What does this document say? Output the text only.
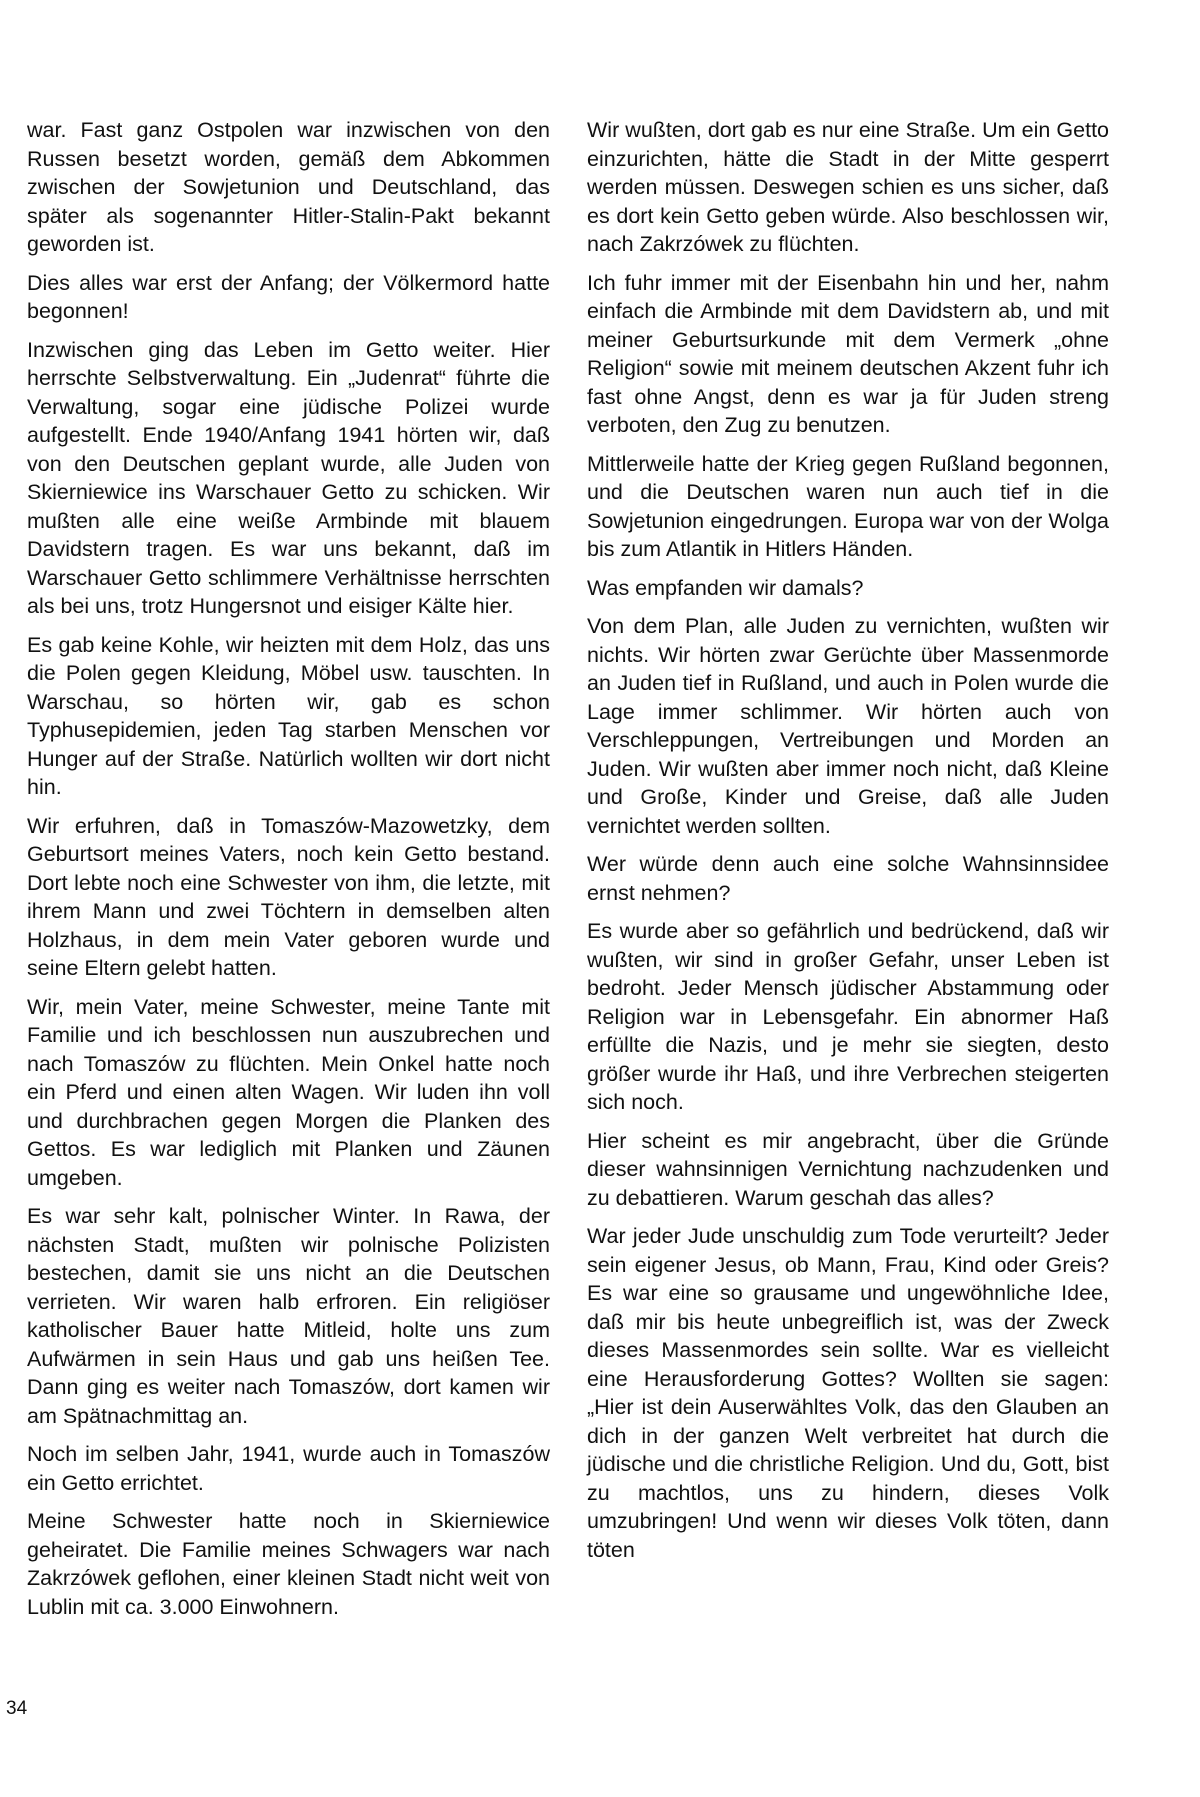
war. Fast ganz Ostpolen war inzwischen von den Russen besetzt worden, gemäß dem Abkommen zwischen der Sowjetunion und Deutschland, das später als sogenannter Hitler-Stalin-Pakt bekannt geworden ist.

Dies alles war erst der Anfang; der Völkermord hatte begonnen!

Inzwischen ging das Leben im Getto weiter. Hier herrschte Selbstverwaltung. Ein „Judenrat“ führte die Verwaltung, sogar eine jüdische Polizei wurde aufgestellt. Ende 1940/Anfang 1941 hörten wir, daß von den Deutschen geplant wurde, alle Juden von Skierniewice ins Warschauer Getto zu schicken. Wir mußten alle eine weiße Armbinde mit blauem Davidstern tragen. Es war uns bekannt, daß im Warschauer Getto schlimmere Verhältnisse herrschten als bei uns, trotz Hungersnot und eisiger Kälte hier.

Es gab keine Kohle, wir heizten mit dem Holz, das uns die Polen gegen Kleidung, Möbel usw. tauschten. In Warschau, so hörten wir, gab es schon Typhusepidemien, jeden Tag starben Menschen vor Hunger auf der Straße. Natürlich wollten wir dort nicht hin.

Wir erfuhren, daß in Tomaszów-Mazowetzky, dem Geburtsort meines Vaters, noch kein Getto bestand. Dort lebte noch eine Schwester von ihm, die letzte, mit ihrem Mann und zwei Töchtern in demselben alten Holzhaus, in dem mein Vater geboren wurde und seine Eltern gelebt hatten.

Wir, mein Vater, meine Schwester, meine Tante mit Familie und ich beschlossen nun auszubrechen und nach Tomaszów zu flüchten. Mein Onkel hatte noch ein Pferd und einen alten Wagen. Wir luden ihn voll und durchbrachen gegen Morgen die Planken des Gettos. Es war lediglich mit Planken und Zäunen umgeben.

Es war sehr kalt, polnischer Winter. In Rawa, der nächsten Stadt, mußten wir polnische Polizisten bestechen, damit sie uns nicht an die Deutschen verrieten. Wir waren halb erfroren. Ein religiöser katholischer Bauer hatte Mitleid, holte uns zum Aufwärmen in sein Haus und gab uns heißen Tee. Dann ging es weiter nach Tomaszów, dort kamen wir am Spätnachmittag an.

Noch im selben Jahr, 1941, wurde auch in Tomaszów ein Getto errichtet.

Meine Schwester hatte noch in Skierniewice geheiratet. Die Familie meines Schwagers war nach Zakrzówek geflohen, einer kleinen Stadt nicht weit von Lublin mit ca. 3.000 Einwohnern.

Wir wußten, dort gab es nur eine Straße. Um ein Getto einzurichten, hätte die Stadt in der Mitte gesperrt werden müssen. Deswegen schien es uns sicher, daß es dort kein Getto geben würde. Also beschlossen wir, nach Zakrzówek zu flüchten.

Ich fuhr immer mit der Eisenbahn hin und her, nahm einfach die Armbinde mit dem Davidstern ab, und mit meiner Geburtsurkunde mit dem Vermerk „ohne Religion“ sowie mit meinem deutschen Akzent fuhr ich fast ohne Angst, denn es war ja für Juden streng verboten, den Zug zu benutzen.

Mittlerweile hatte der Krieg gegen Rußland begonnen, und die Deutschen waren nun auch tief in die Sowjetunion eingedrungen. Europa war von der Wolga bis zum Atlantik in Hitlers Händen.

Was empfanden wir damals?

Von dem Plan, alle Juden zu vernichten, wußten wir nichts. Wir hörten zwar Gerüchte über Massenmorde an Juden tief in Rußland, und auch in Polen wurde die Lage immer schlimmer. Wir hörten auch von Verschleppungen, Vertreibungen und Morden an Juden. Wir wußten aber immer noch nicht, daß Kleine und Große, Kinder und Greise, daß alle Juden vernichtet werden sollten.

Wer würde denn auch eine solche Wahnsinnsidee ernst nehmen?

Es wurde aber so gefährlich und bedrückend, daß wir wußten, wir sind in großer Gefahr, unser Leben ist bedroht. Jeder Mensch jüdischer Abstammung oder Religion war in Lebensgefahr. Ein abnormer Haß erfüllte die Nazis, und je mehr sie siegten, desto größer wurde ihr Haß, und ihre Verbrechen steigerten sich noch.

Hier scheint es mir angebracht, über die Gründe dieser wahnsinnigen Vernichtung nachzudenken und zu debattieren. Warum geschah das alles?

War jeder Jude unschuldig zum Tode verurteilt? Jeder sein eigener Jesus, ob Mann, Frau, Kind oder Greis? Es war eine so grausame und ungewöhnliche Idee, daß mir bis heute unbegreiflich ist, was der Zweck dieses Massenmordes sein sollte. War es vielleicht eine Herausforderung Gottes? Wollten sie sagen: „Hier ist dein Auserwähltes Volk, das den Glauben an dich in der ganzen Welt verbreitet hat durch die jüdische und die christliche Religion. Und du, Gott, bist zu machtlos, uns zu hindern, dieses Volk umzubringen! Und wenn wir dieses Volk töten, dann töten

34
